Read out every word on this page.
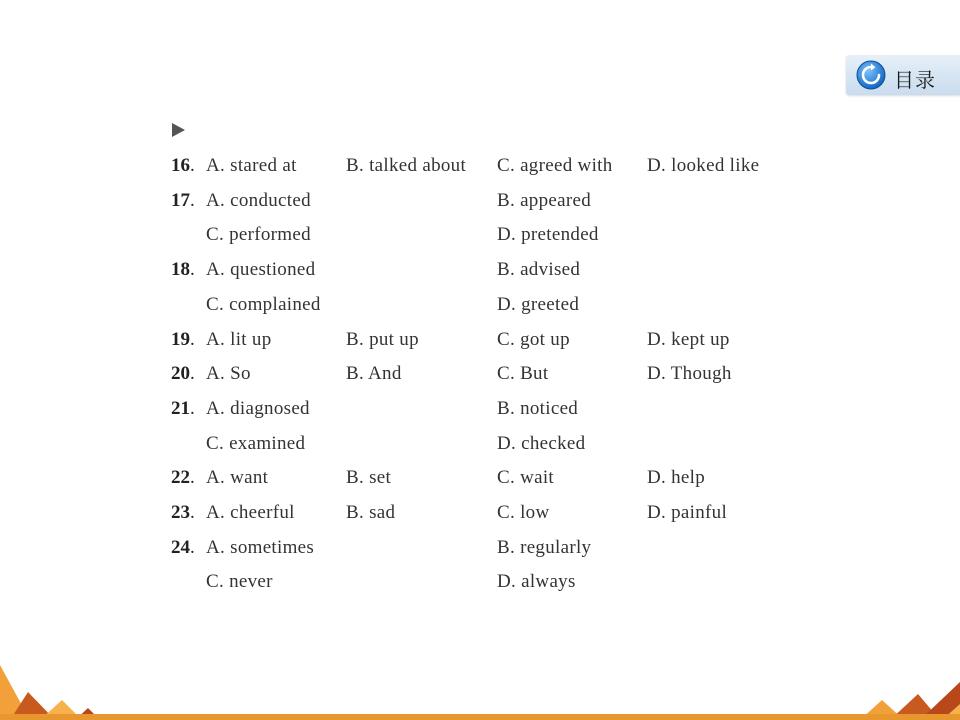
目录
16. A. stared at	B. talked about C. agreed with D. looked like
17. A. conducted	B. appeared
C. performed	D. pretended
18. A. questioned	B. advised
C. complained	D. greeted
19. A. lit up	B. put up	C. got up	D. kept up
20. A. So	B. And	C. But	D. Though
21. A. diagnosed	B. noticed
C. examined	D. checked
22. A. want	B. set	C. wait	D. help
23. A. cheerful	B. sad	C. low	D. painful
24. A. sometimes	B. regularly
C. never	D. always
